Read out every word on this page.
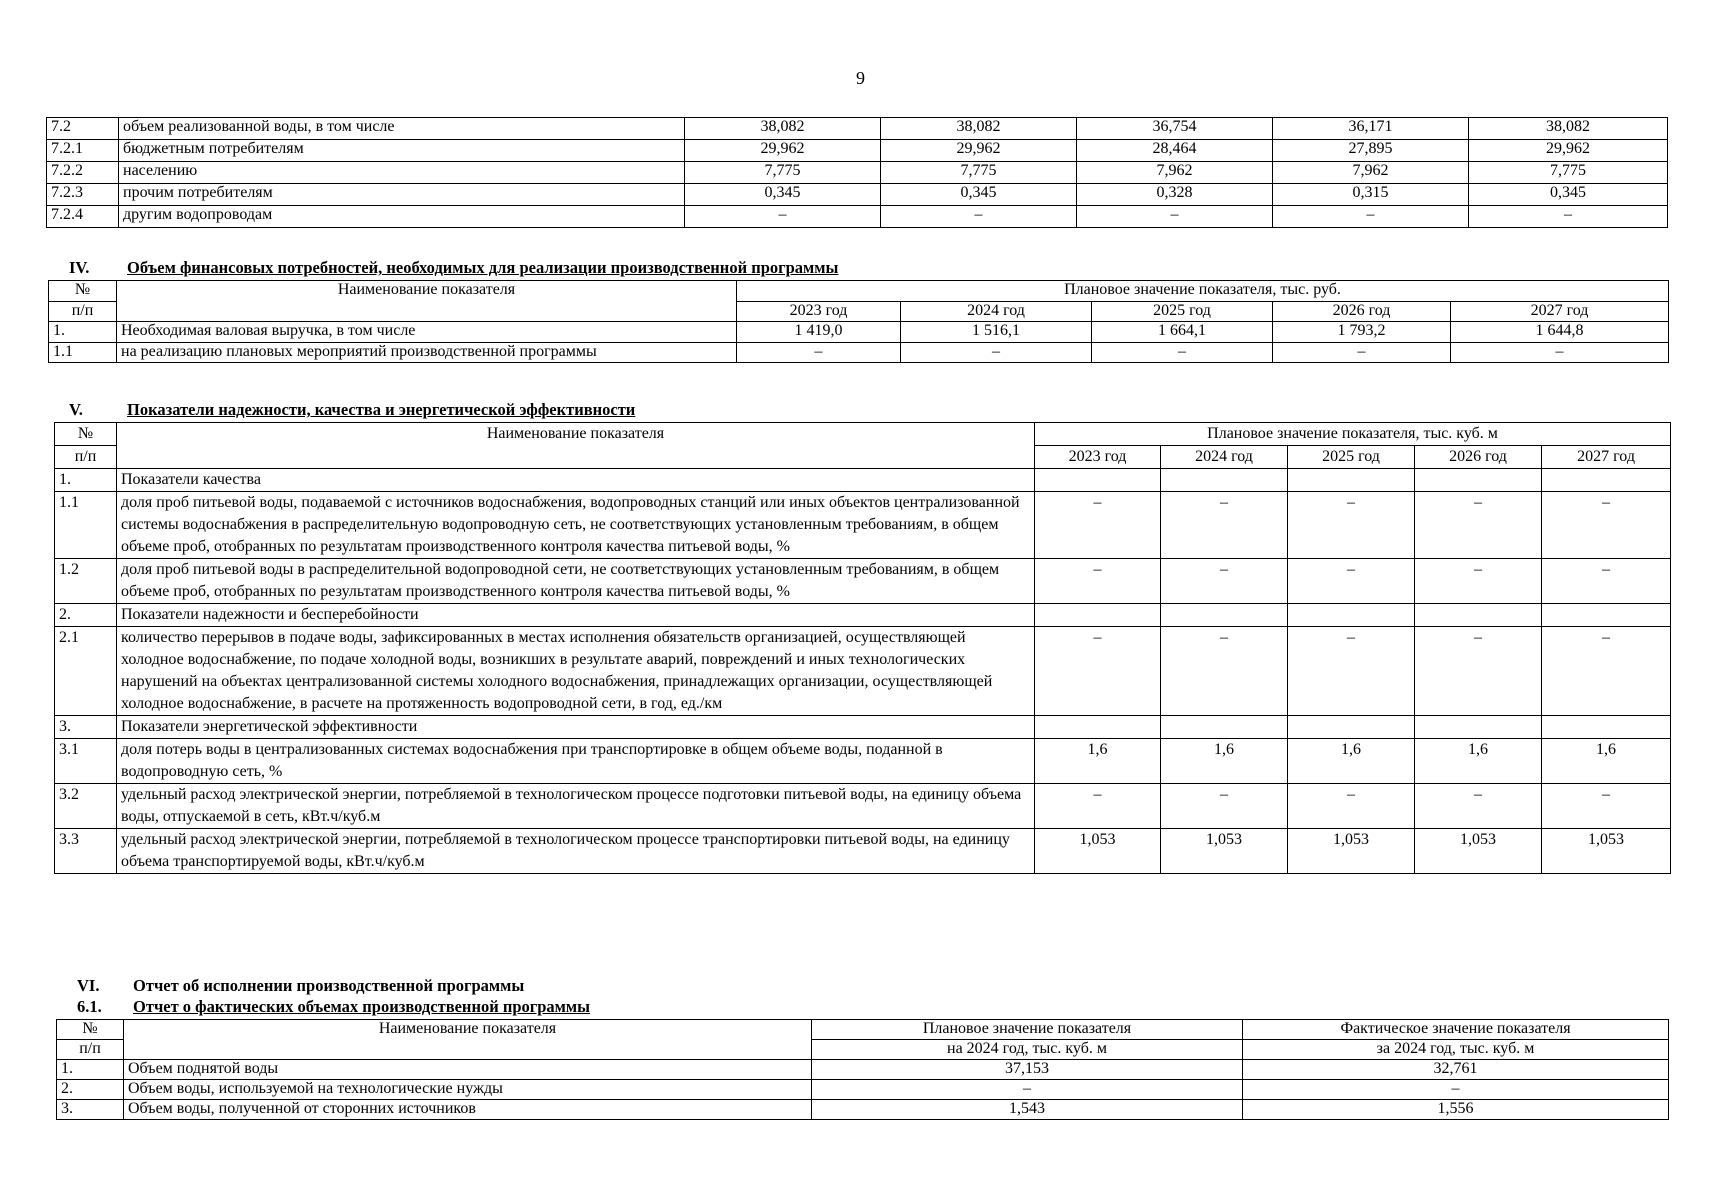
9
7.2	объем реализованной воды, в том числе	38,082	38,082	36,754	36,171	38,082
7.2.1	бюджетным потребителям	29,962	29,962	28,464	27,895	29,962
7.2.2	населению	7,775	7,775	7,962	7,962	7,775
7.2.3	прочим потребителям	0,345	0,345	0,328	0,315	0,345
7.2.4	другим водопроводам	–	–	–	–	–
IV. Объем финансовых потребностей, необходимых для реализации производственной программы
№	Наименование показателя	Плановое значение показателя, тыс. руб.				
п/п		2023 год	2024 год	2025 год	2026 год	2027 год
1.	Необходимая валовая выручка, в том числе	1 419,0	1 516,1	1 664,1	1 793,2	1 644,8
1.1	на реализацию плановых мероприятий производственной программы	–	–	–	–	–
V.	Показатели надежности, качества и энергетической эффективности
№	Наименование показателя	Плановое значение показателя, тыс. куб. м				
п/п		2023 год	2024 год	2025 год	2026 год	2027 год
1.	Показатели качества					
1.1	доля проб питьевой воды, подаваемой с источников водоснабжения, водопроводных станций или иных объектов централизованной системы водоснабжения в распределительную водопроводную сеть, не соответствующих установленным требованиям, в общем объеме проб, отобранных по результатам производственного контроля качества питьевой воды, %	–	–	–	–	–
1.2	доля проб питьевой воды в распределительной водопроводной сети, не соответствующих установленным требованиям, в общем объеме проб, отобранных по результатам производственного контроля качества питьевой воды, %	–	–	–	–	–
2.	Показатели надежности и бесперебойности					
2.1	количество перерывов в подаче воды, зафиксированных в местах исполнения обязательств организацией, осуществляющей холодное водоснабжение, по подаче холодной воды, возникших в результате аварий, повреждений и иных технологических нарушений на объектах централизованной системы холодного водоснабжения, принадлежащих организации, осуществляющей холодное водоснабжение, в расчете на протяженность водопроводной сети, в год, ед./км	–	–	–	–	–
3.	Показатели энергетической эффективности					
3.1	доля потерь воды в централизованных системах водоснабжения при транспортировке в общем объеме воды, поданной в водопроводную сеть, %	1,6	1,6	1,6	1,6	1,6
3.2	удельный расход электрической энергии, потребляемой в технологическом процессе подготовки питьевой воды, на единицу объема воды, отпускаемой в сеть, кВт.ч/куб.м	–	–	–	–	–
3.3	удельный расход электрической энергии, потребляемой в технологическом процессе транспортировки питьевой воды, на единицу объема транспортируемой воды, кВт.ч/куб.м	1,053	1,053	1,053	1,053	1,053
VI. Отчет об исполнении производственной программы
6.1. Отчет о фактических объемах производственной программы
№	Наименование показателя	Плановое значение показателя	Фактическое значение показателя
п/п		на 2024 год, тыс. куб. м	за 2024 год, тыс. куб. м
1.	Объем поднятой воды	37,153	32,761
2.	Объем воды, используемой на технологические нужды	–	–
3.	Объем воды, полученной от сторонних источников	1,543	1,556
